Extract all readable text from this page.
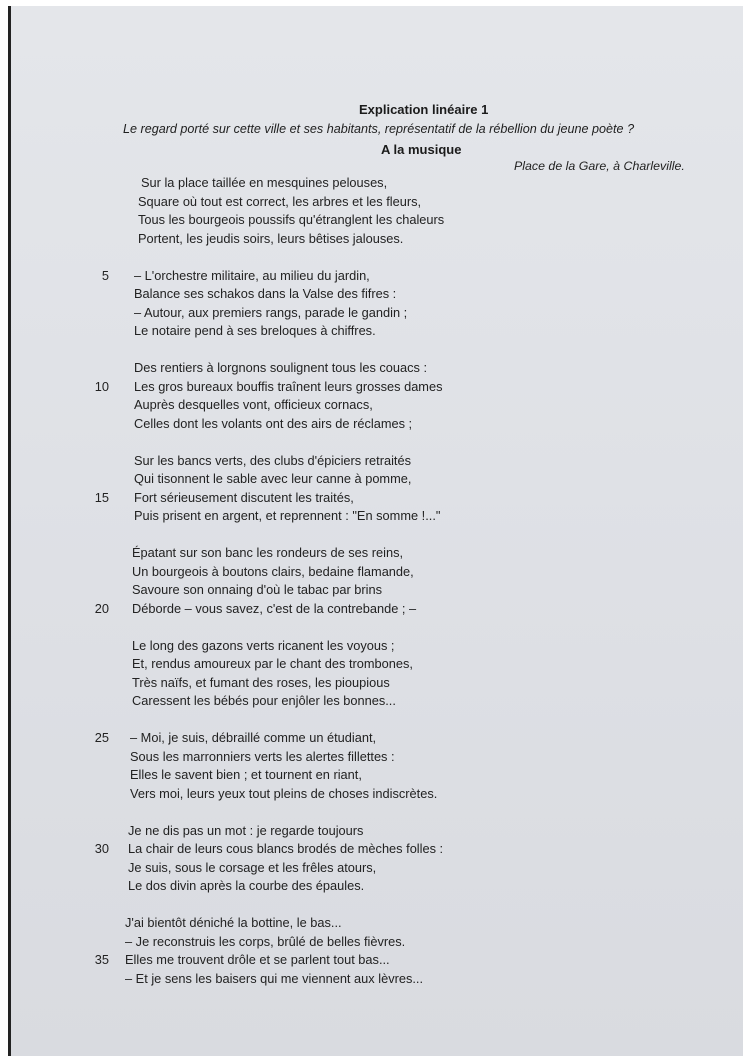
Explication linéaire 1
Le regard porté sur cette ville et ses habitants, représentatif de la rébellion du jeune poète ?
A la musique
Place de la Gare, à Charleville.
Sur la place taillée en mesquines pelouses,
Square où tout est correct, les arbres et les fleurs,
Tous les bourgeois poussifs qu'étranglent les chaleurs
Portent, les jeudis soirs, leurs bêtises jalouses.
5 – L'orchestre militaire, au milieu du jardin,
Balance ses schakos dans la Valse des fifres :
– Autour, aux premiers rangs, parade le gandin ;
Le notaire pend à ses breloques à chiffres.
Des rentiers à lorgnons soulignent tous les couacs :
10 Les gros bureaux bouffis traînent leurs grosses dames
Auprès desquelles vont, officieux cornacs,
Celles dont les volants ont des airs de réclames ;
Sur les bancs verts, des clubs d'épiciers retraités
Qui tisonnent le sable avec leur canne à pomme,
15 Fort sérieusement discutent les traités,
Puis prisent en argent, et reprennent : "En somme !..."
Épatant sur son banc les rondeurs de ses reins,
Un bourgeois à boutons clairs, bedaine flamande,
Savoure son onnaing d'où le tabac par brins
20 Déborde – vous savez, c'est de la contrebande ; –
Le long des gazons verts ricanent les voyous ;
Et, rendus amoureux par le chant des trombones,
Très naïfs, et fumant des roses, les pioupious
Caressent les bébés pour enjôler les bonnes...
25 – Moi, je suis, débraillé comme un étudiant,
Sous les marronniers verts les alertes fillettes :
Elles le savent bien ; et tournent en riant,
Vers moi, leurs yeux tout pleins de choses indiscrètes.
Je ne dis pas un mot : je regarde toujours
30 La chair de leurs cous blancs brodés de mèches folles :
Je suis, sous le corsage et les frêles atours,
Le dos divin après la courbe des épaules.
J'ai bientôt déniché la bottine, le bas...
– Je reconstruis les corps, brûlé de belles fièvres.
35 Elles me trouvent drôle et se parlent tout bas...
– Et je sens les baisers qui me viennent aux lèvres...
